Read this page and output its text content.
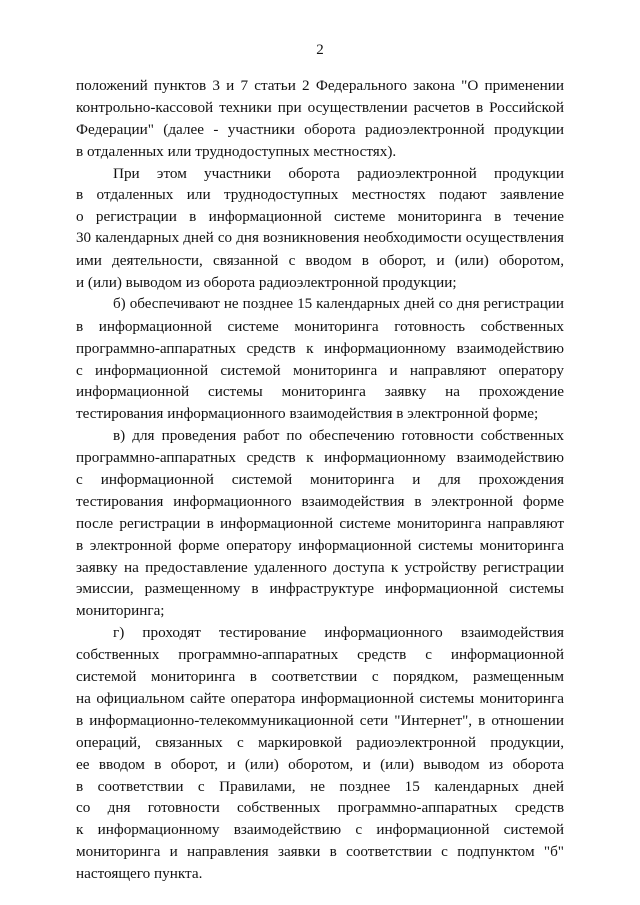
2
положений пунктов 3 и 7 статьи 2 Федерального закона "О применении
контрольно-кассовой техники при осуществлении расчетов в Российской
Федерации" (далее - участники оборота радиоэлектронной продукции
в отдаленных или труднодоступных местностях).
При этом участники оборота радиоэлектронной продукции
в отдаленных или труднодоступных местностях подают заявление
о регистрации в информационной системе мониторинга в течение
30 календарных дней со дня возникновения необходимости осуществления
ими деятельности, связанной с вводом в оборот, и (или) оборотом,
и (или) выводом из оборота радиоэлектронной продукции;
б) обеспечивают не позднее 15 календарных дней со дня регистрации
в информационной системе мониторинга готовность собственных
программно-аппаратных средств к информационному взаимодействию
с информационной системой мониторинга и направляют оператору
информационной системы мониторинга заявку на прохождение
тестирования информационного взаимодействия в электронной форме;
в) для проведения работ по обеспечению готовности собственных
программно-аппаратных средств к информационному взаимодействию
с информационной системой мониторинга и для прохождения
тестирования информационного взаимодействия в электронной форме
после регистрации в информационной системе мониторинга направляют
в электронной форме оператору информационной системы мониторинга
заявку на предоставление удаленного доступа к устройству регистрации
эмиссии, размещенному в инфраструктуре информационной системы
мониторинга;
г) проходят тестирование информационного взаимодействия
собственных программно-аппаратных средств с информационной
системой мониторинга в соответствии с порядком, размещенным
на официальном сайте оператора информационной системы мониторинга
в информационно-телекоммуникационной сети "Интернет", в отношении
операций, связанных с маркировкой радиоэлектронной продукции,
ее вводом в оборот, и (или) оборотом, и (или) выводом из оборота
в соответствии с Правилами, не позднее 15 календарных дней
со дня готовности собственных программно-аппаратных средств
к информационному взаимодействию с информационной системой
мониторинга и направления заявки в соответствии с подпунктом "б"
настоящего пункта.
